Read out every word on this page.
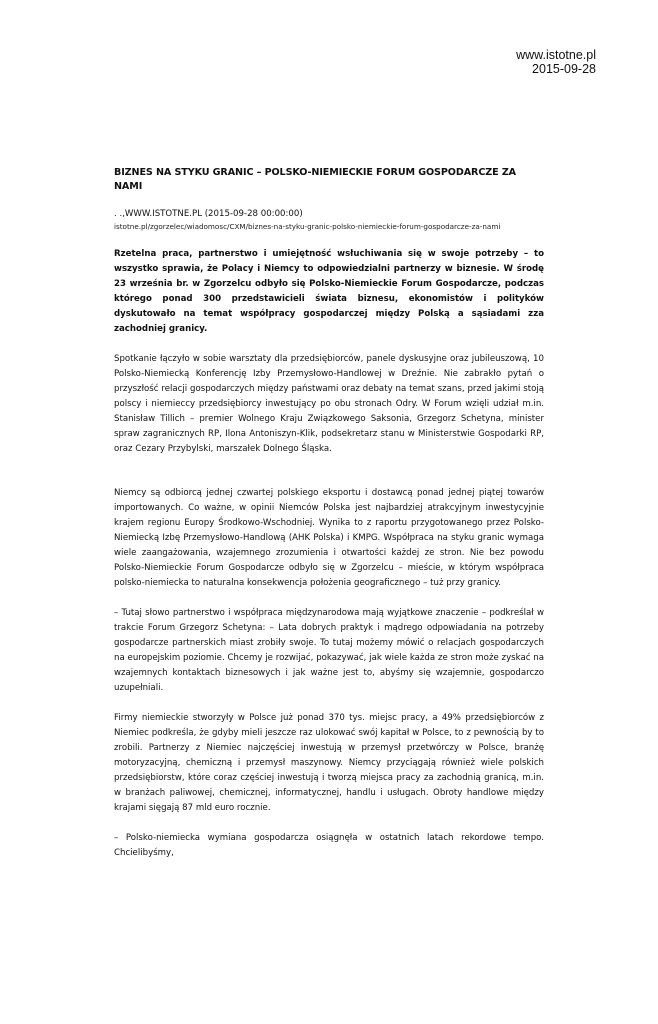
www.istotne.pl
2015-09-28

BIZNES NA STYKU GRANIC – POLSKO-NIEMIECKIE FORUM GOSPODARCZE ZA NAMI

. .,WWW.ISTOTNE.PL (2015-09-28 00:00:00)

istotne.pl/zgorzelec/wiadomosc/CXM/biznes-na-styku-granic-polsko-niemieckie-forum-gospodarcze-za-nami

Rzetelna praca, partnerstwo i umiejętność wsłuchiwania się w swoje potrzeby – to wszystko sprawia, że Polacy i Niemcy to odpowiedzialni partnerzy w biznesie. W środę 23 września br. w Zgorzelcu odbyło się Polsko-Niemieckie Forum Gospodarcze, podczas którego ponad 300 przedstawicieli świata biznesu, ekonomistów i polityków dyskutowało na temat współpracy gospodarczej między Polską a sąsiadami zza zachodniej granicy.

Spotkanie łączyło w sobie warsztaty dla przedsiębiorców, panele dyskusyjne oraz jubileuszową, 10 Polsko-Niemiecką Konferencję Izby Przemysłowo-Handlowej w Dreźnie. Nie zabrakło pytań o przyszłość relacji gospodarczych między państwami oraz debaty na temat szans, przed jakimi stoją polscy i niemieccy przedsiębiorcy inwestujący po obu stronach Odry. W Forum wzięli udział m.in. Stanisław Tillich – premier Wolnego Kraju Związkowego Saksonia, Grzegorz Schetyna, minister spraw zagranicznych RP, Ilona Antoniszyn-Klik, podsekretarz stanu w Ministerstwie Gospodarki RP, oraz Cezary Przybylski, marszałek Dolnego Śląska.

Niemcy są odbiorcą jednej czwartej polskiego eksportu i dostawcą ponad jednej piątej towarów importowanych. Co ważne, w opinii Niemców Polska jest najbardziej atrakcyjnym inwestycyjnie krajem regionu Europy Środkowo-Wschodniej. Wynika to z raportu przygotowanego przez Polsko-Niemiecką Izbę Przemysłowo-Handlową (AHK Polska) i KMPG. Współpraca na styku granic wymaga wiele zaangażowania, wzajemnego zrozumienia i otwartości każdej ze stron. Nie bez powodu Polsko-Niemieckie Forum Gospodarcze odbyło się w Zgorzelcu – mieście, w którym współpraca polsko-niemiecka to naturalna konsekwencja położenia geograficznego – tuż przy granicy.

– Tutaj słowo partnerstwo i współpraca międzynarodowa mają wyjątkowe znaczenie – podkreślał w trakcie Forum Grzegorz Schetyna: – Lata dobrych praktyk i mądrego odpowiadania na potrzeby gospodarcze partnerskich miast zrobiły swoje. To tutaj możemy mówić o relacjach gospodarczych na europejskim poziomie. Chcemy je rozwijać, pokazywać, jak wiele każda ze stron może zyskać na wzajemnych kontaktach biznesowych i jak ważne jest to, abyśmy się wzajemnie, gospodarczo uzupełniali.

Firmy niemieckie stworzyły w Polsce już ponad 370 tys. miejsc pracy, a 49% przedsiębiorców z Niemiec podkreśla, że gdyby mieli jeszcze raz ulokować swój kapitał w Polsce, to z pewnością by to zrobili. Partnerzy z Niemiec najczęściej inwestują w przemysł przetwórczy w Polsce, branżę motoryzacyjną, chemiczną i przemysł maszynowy. Niemcy przyciągają również wiele polskich przedsiębiorstw, które coraz częściej inwestują i tworzą miejsca pracy za zachodnią granicą, m.in. w branżach paliwowej, chemicznej, informatycznej, handlu i usługach. Obroty handlowe między krajami sięgają 87 mld euro rocznie.

– Polsko-niemiecka wymiana gospodarcza osiągnęła w ostatnich latach rekordowe tempo. Chcielibyśmy,
